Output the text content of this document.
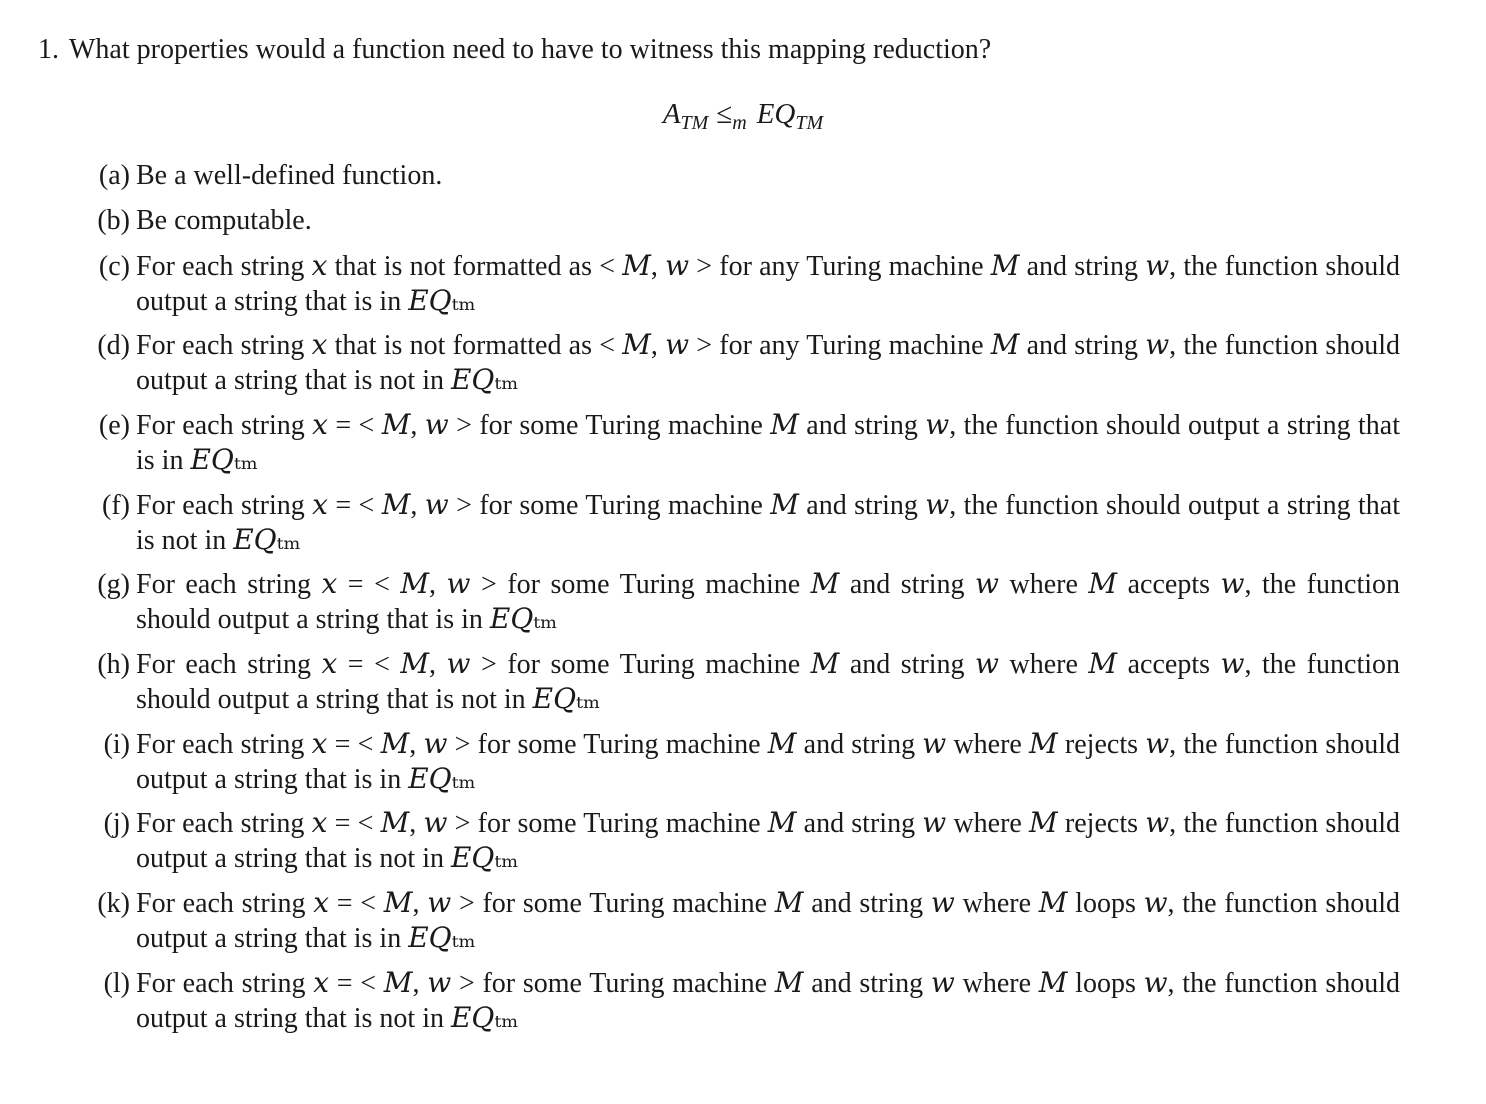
1. What properties would a function need to have to witness this mapping reduction?
$A_{TM} \le_m$ $EQ_{TM}$
(a) Be a well-defined function.
(b) Be computable.
(c) For each string 𝑥 that is not formatted as < 𝑀, 𝑤 > for any Turing machine 𝑀 and string 𝑤, the function should output a string that is in 𝐸𝑄ₜₘ
(d) For each string 𝑥 that is not formatted as < 𝑀, 𝑤 > for any Turing machine 𝑀 and string 𝑤, the function should output a string that is not in 𝐸𝑄ₜₘ
(e) For each string 𝑥 = < 𝑀, 𝑤 > for some Turing machine 𝑀 and string 𝑤, the function should output a string that is in 𝐸𝑄ₜₘ
(f) For each string 𝑥 = < 𝑀, 𝑤 > for some Turing machine 𝑀 and string 𝑤, the function should output a string that is not in 𝐸𝑄ₜₘ
(g) For each string 𝑥 = < 𝑀, 𝑤 > for some Turing machine 𝑀 and string 𝑤 where 𝑀 accepts 𝑤, the function should output a string that is in 𝐸𝑄ₜₘ
(h) For each string 𝑥 = < 𝑀, 𝑤 > for some Turing machine 𝑀 and string 𝑤 where 𝑀 accepts 𝑤, the function should output a string that is not in 𝐸𝑄ₜₘ
(i) For each string 𝑥 = < 𝑀, 𝑤 > for some Turing machine 𝑀 and string 𝑤 where 𝑀 rejects 𝑤, the function should output a string that is in 𝐸𝑄ₜₘ
(j) For each string 𝑥 = < 𝑀, 𝑤 > for some Turing machine 𝑀 and string 𝑤 where 𝑀 rejects 𝑤, the function should output a string that is not in 𝐸𝑄ₜₘ
(k) For each string 𝑥 = < 𝑀, 𝑤 > for some Turing machine 𝑀 and string 𝑤 where 𝑀 loops 𝑤, the function should output a string that is in 𝐸𝑄ₜₘ
(l) For each string 𝑥 = < 𝑀, 𝑤 > for some Turing machine 𝑀 and string 𝑤 where 𝑀 loops 𝑤, the function should output a string that is not in 𝐸𝑄ₜₘ
